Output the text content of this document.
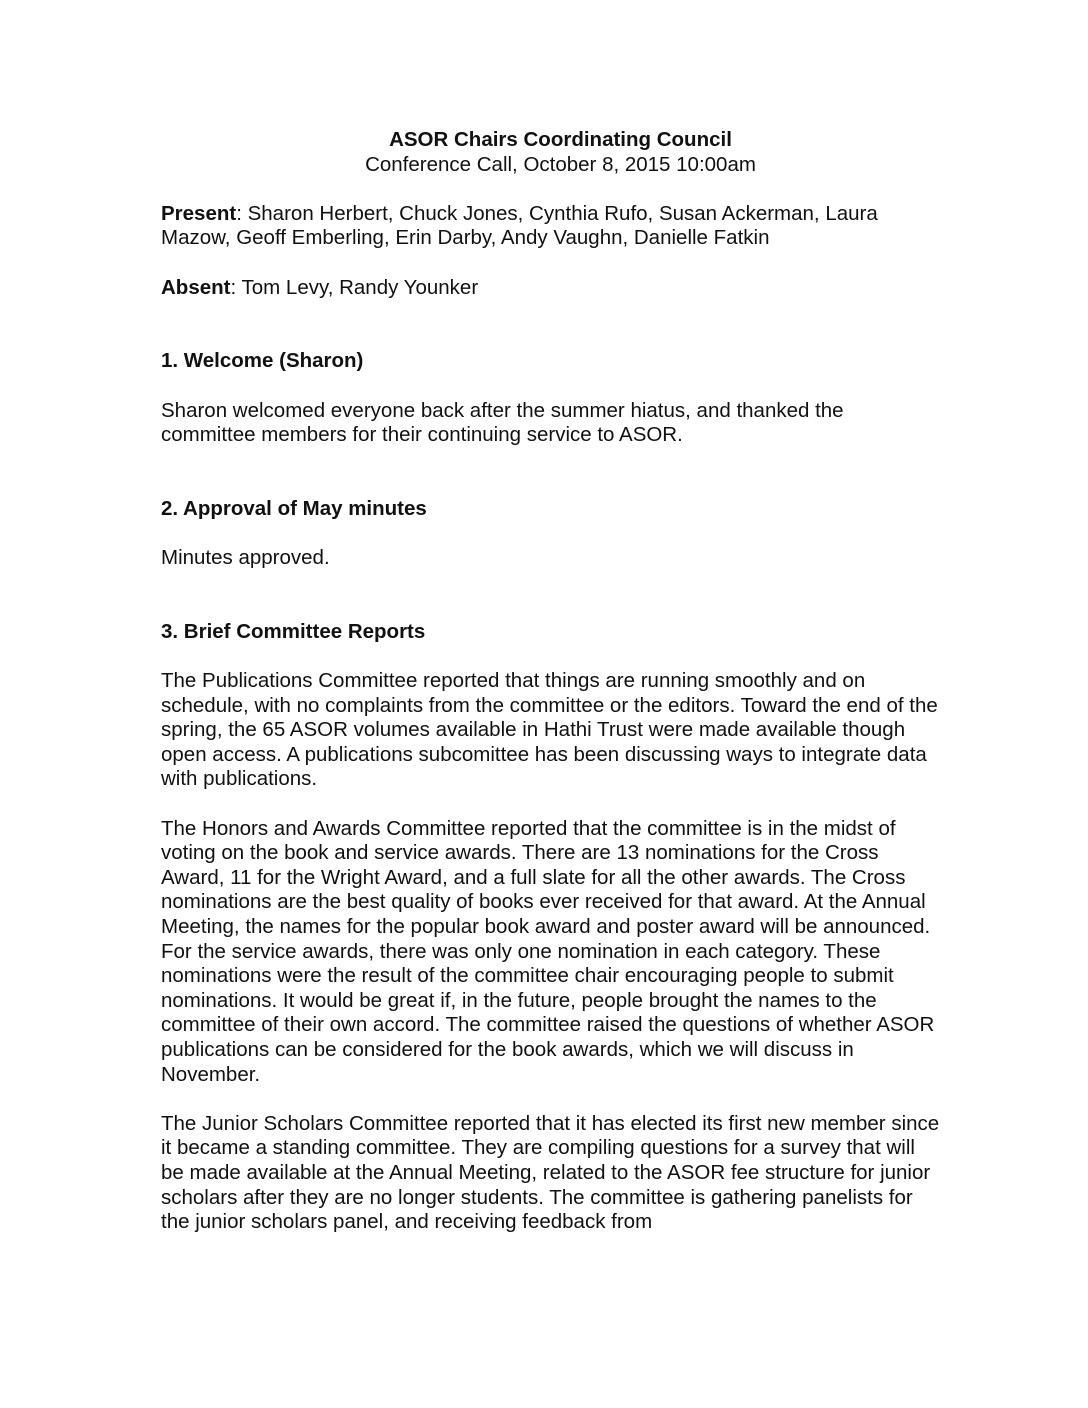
ASOR Chairs Coordinating Council
Conference Call, October 8, 2015 10:00am

Present: Sharon Herbert, Chuck Jones, Cynthia Rufo, Susan Ackerman, Laura Mazow, Geoff Emberling, Erin Darby, Andy Vaughn, Danielle Fatkin

Absent: Tom Levy, Randy Younker

1. Welcome (Sharon)

Sharon welcomed everyone back after the summer hiatus, and thanked the committee members for their continuing service to ASOR.

2. Approval of May minutes

Minutes approved.

3. Brief Committee Reports

The Publications Committee reported that things are running smoothly and on schedule, with no complaints from the committee or the editors. Toward the end of the spring, the 65 ASOR volumes available in Hathi Trust were made available though open access. A publications subcomittee has been discussing ways to integrate data with publications.

The Honors and Awards Committee reported that the committee is in the midst of voting on the book and service awards. There are 13 nominations for the Cross Award, 11 for the Wright Award, and a full slate for all the other awards. The Cross nominations are the best quality of books ever received for that award. At the Annual Meeting, the names for the popular book award and poster award will be announced. For the service awards, there was only one nomination in each category. These nominations were the result of the committee chair encouraging people to submit nominations. It would be great if, in the future, people brought the names to the committee of their own accord. The committee raised the questions of whether ASOR publications can be considered for the book awards, which we will discuss in November.

The Junior Scholars Committee reported that it has elected its first new member since it became a standing committee. They are compiling questions for a survey that will be made available at the Annual Meeting, related to the ASOR fee structure for junior scholars after they are no longer students. The committee is gathering panelists for the junior scholars panel, and receiving feedback from
